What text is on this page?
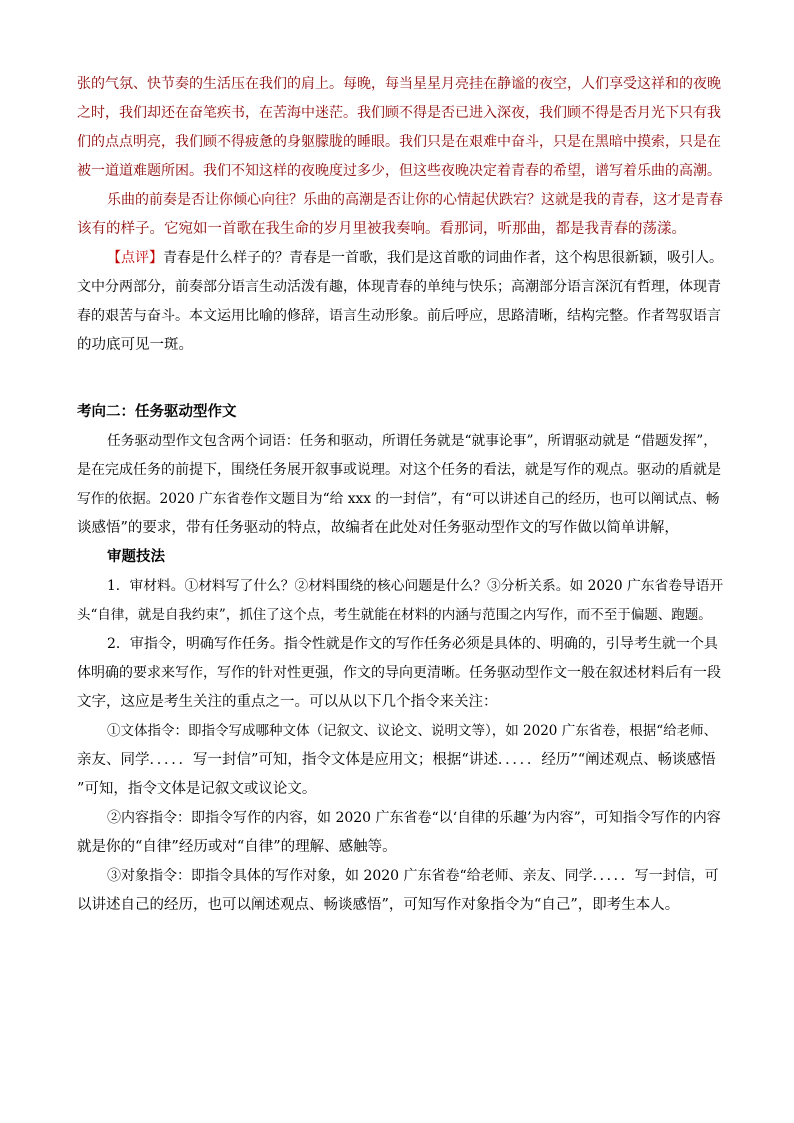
张的气氛、快节奏的生活压在我们的肩上。每晚，每当星星月亮挂在静谧的夜空，人们享受这祥和的夜晚
之时，我们却还在奋笔疾书，在苦海中迷茫。我们顾不得是否已进入深夜，我们顾不得是否月光下只有我
们的点点明亮，我们顾不得疲惫的身躯朦胧的睡眼。我们只是在艰难中奋斗，只是在黑暗中摸索，只是在
被一道道难题所困。我们不知这样的夜晚度过多少，但这些夜晚决定着青春的希望，谱写着乐曲的高潮。
乐曲的前奏是否让你倾心向往？乐曲的高潮是否让你的心情起伏跌宕？这就是我的青春，这才是青春
该有的样子。它宛如一首歌在我生命的岁月里被我奏响。看那词，听那曲，都是我青春的荡漾。
【点评】青春是什么样子的？青春是一首歌，我们是这首歌的词曲作者，这个构思很新颖，吸引人。
文中分两部分，前奏部分语言生动活泼有趣，体现青春的单纯与快乐；高潮部分语言深沉有哲理，体现青
春的艰苦与奋斗。本文运用比喻的修辞，语言生动形象。前后呼应，思路清晰，结构完整。作者驾驭语言
的功底可见一斑。
考向二：任务驱动型作文
任务驱动型作文包含两个词语：任务和驱动，所谓任务就是“就事论事”，所谓驱动就是 “借题发挥”，
是在完成任务的前提下，围绕任务展开叙事或说理。对这个任务的看法，就是写作的观点。驱动的盾就是
写作的依据。2020 广东省卷作文题目为“给 xxx 的一封信”，有“可以讲述自己的经历，也可以阐试点、畅
谈感悟”的要求，带有任务驱动的特点，故编者在此处对任务驱动型作文的写作做以简单讲解，
审题技法
1．审材料。①材料写了什么？②材料围绕的核心问题是什么？③分析关系。如 2020 广东省卷导语开
头“自律，就是自我约束”，抓住了这个点，考生就能在材料的内涵与范围之内写作，而不至于偏题、跑题。
2．审指令，明确写作任务。指令性就是作文的写作任务必须是具体的、明确的，引导考生就一个具
体明确的要求来写作，写作的针对性更强，作文的导向更清晰。任务驱动型作文一般在叙述材料后有一段
文字，这应是考生关注的重点之一。可以从以下几个指令来关注：
①文体指令：即指令写成哪种文体（记叙文、议论文、说明文等），如 2020 广东省卷，根据“给老师、
亲友、同学．．．．．写一封信”可知，指令文体是应用文；根据“讲述．．．．．经历”“阐述观点、畅谈感悟
”可知，指令文体是记叙文或议论文。
②内容指令：即指令写作的内容，如 2020 广东省卷“以‘自律的乐趣’为内容”，可知指令写作的内容
就是你的“自律”经历或对“自律”的理解、感触等。
③对象指令：即指令具体的写作对象，如 2020 广东省卷“给老师、亲友、同学．．．．．写一封信，可
以讲述自己的经历，也可以阐述观点、畅谈感悟”，可知写作对象指令为“自己”，即考生本人。
